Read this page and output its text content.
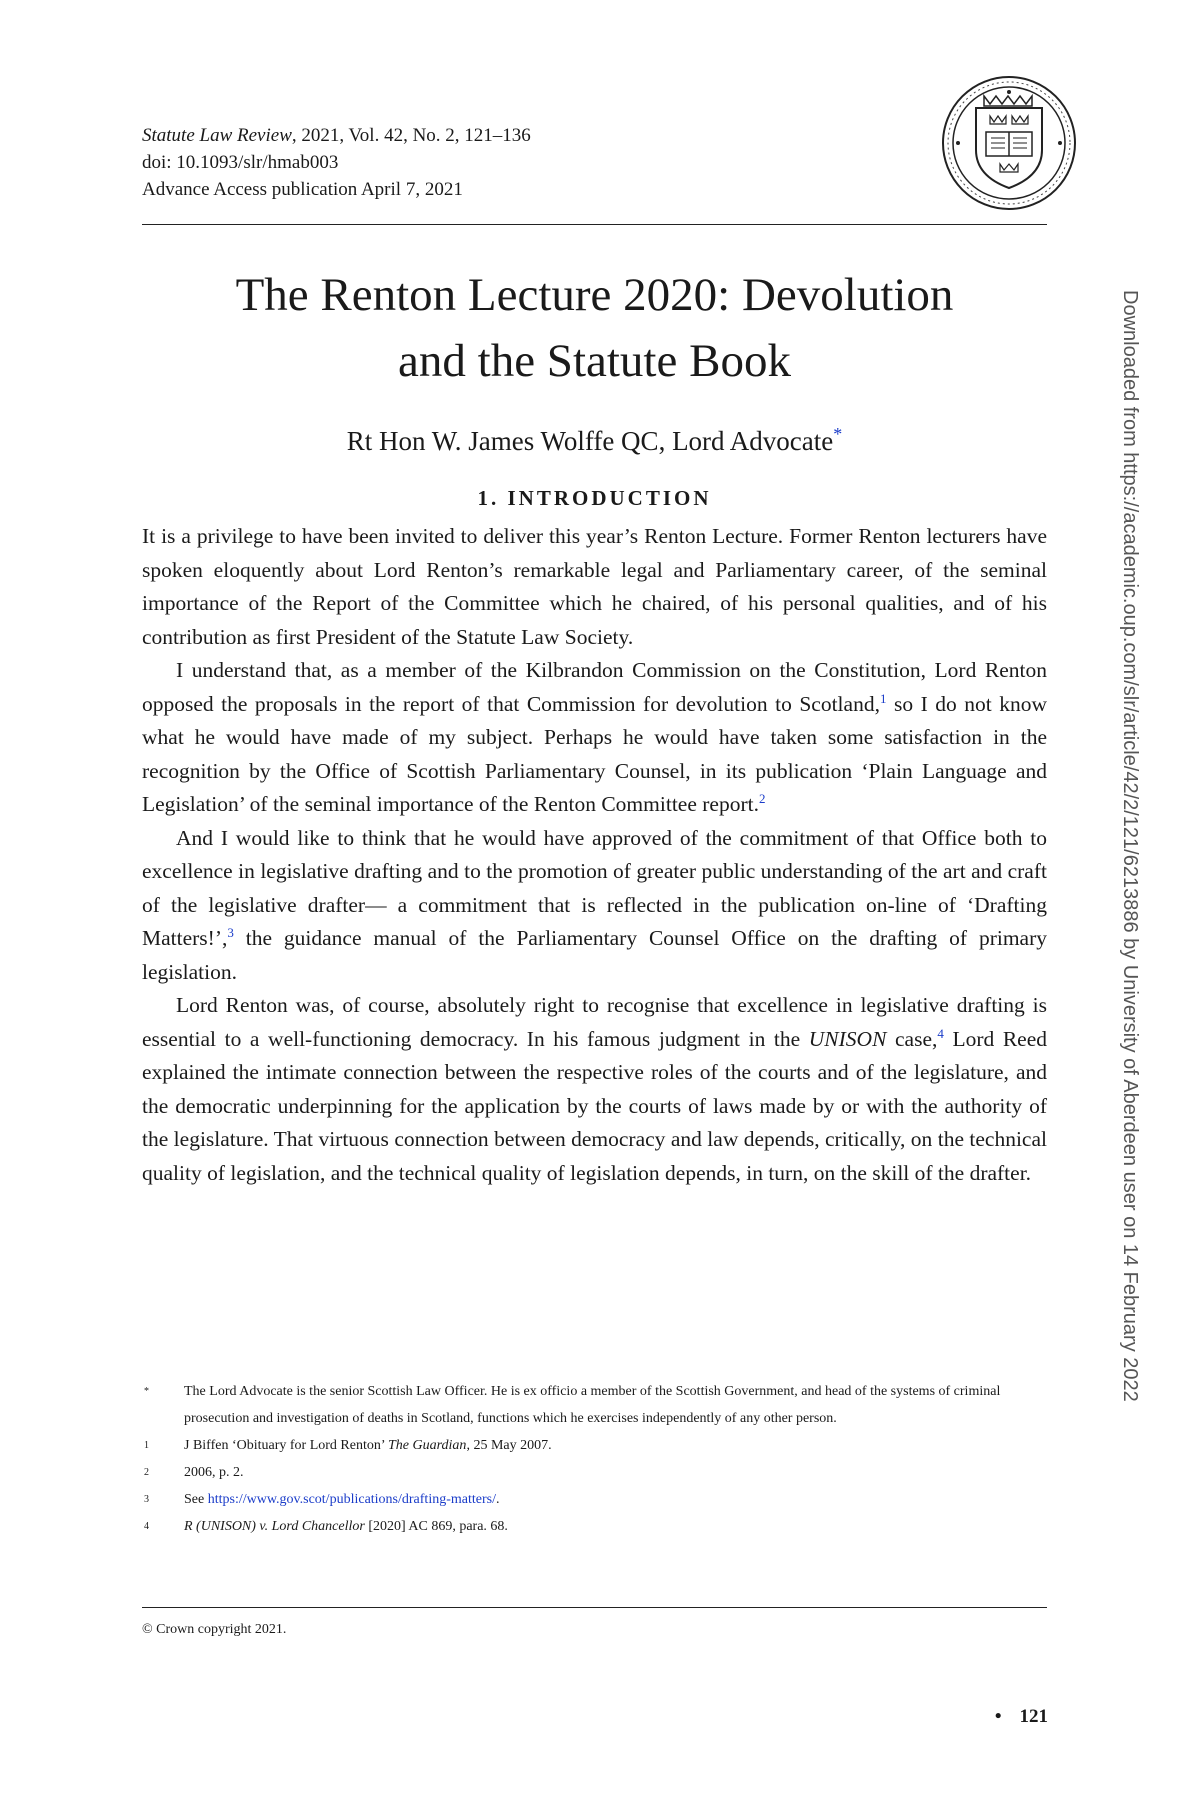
Statute Law Review, 2021, Vol. 42, No. 2, 121–136
doi: 10.1093/slr/hmab003
Advance Access publication April 7, 2021
The Renton Lecture 2020: Devolution
and the Statute Book
Rt Hon W. James Wolffe QC, Lord Advocate*
1. INTRODUCTION

It is a privilege to have been invited to deliver this year’s Renton Lecture. Former Renton lecturers have spoken eloquently about Lord Renton’s remarkable legal and Parliamentary career, of the seminal importance of the Report of the Committee which he chaired, of his personal qualities, and of his contribution as first President of the Statute Law Society.

I understand that, as a member of the Kilbrandon Commission on the Constitution, Lord Renton opposed the proposals in the report of that Commission for devolution to Scotland,$^1$ so I do not know what he would have made of my subject. Perhaps he would have taken some satisfaction in the recognition by the Office of Scottish Parliamentary Counsel, in its publication ‘Plain Language and Legislation’ of the seminal importance of the Renton Committee report.$^2$

And I would like to think that he would have approved of the commitment of that Office both to excellence in legislative drafting and to the promotion of greater public understanding of the art and craft of the legislative drafter— a commitment that is reflected in the publication on-line of ‘Drafting Matters!’,$^3$ the guidance manual of the Parliamentary Counsel Office on the drafting of primary legislation.

Lord Renton was, of course, absolutely right to recognise that excellence in legislative drafting is essential to a well-functioning democracy. In his famous judgment in the UNISON case,$^4$ Lord Reed explained the intimate connection between the respective roles of the courts and of the legislature, and the democratic underpinning for the application by the courts of laws made by or with the authority of the legislature. That virtuous connection between democracy and law depends, critically, on the technical quality of legislation, and the technical quality of legislation depends, in turn, on the skill of the drafter.

*	The Lord Advocate is the senior Scottish Law Officer. He is ex officio a member of the Scottish Government, and head of the systems of criminal prosecution and investigation of deaths in Scotland, functions which he exercises independently of any other person.
1	J Biffen ‘Obituary for Lord Renton’ The Guardian, 25 May 2007.
2	2006, p. 2.
3	See https://www.gov.scot/publications/drafting-matters/.
4	R (UNISON) v. Lord Chancellor [2020] AC 869, para. 68.
© Crown copyright 2021.
• 121
Downloaded from https://academic.oup.com/slr/article/42/2/121/6213886 by University of Aberdeen user on 14 February 2022
